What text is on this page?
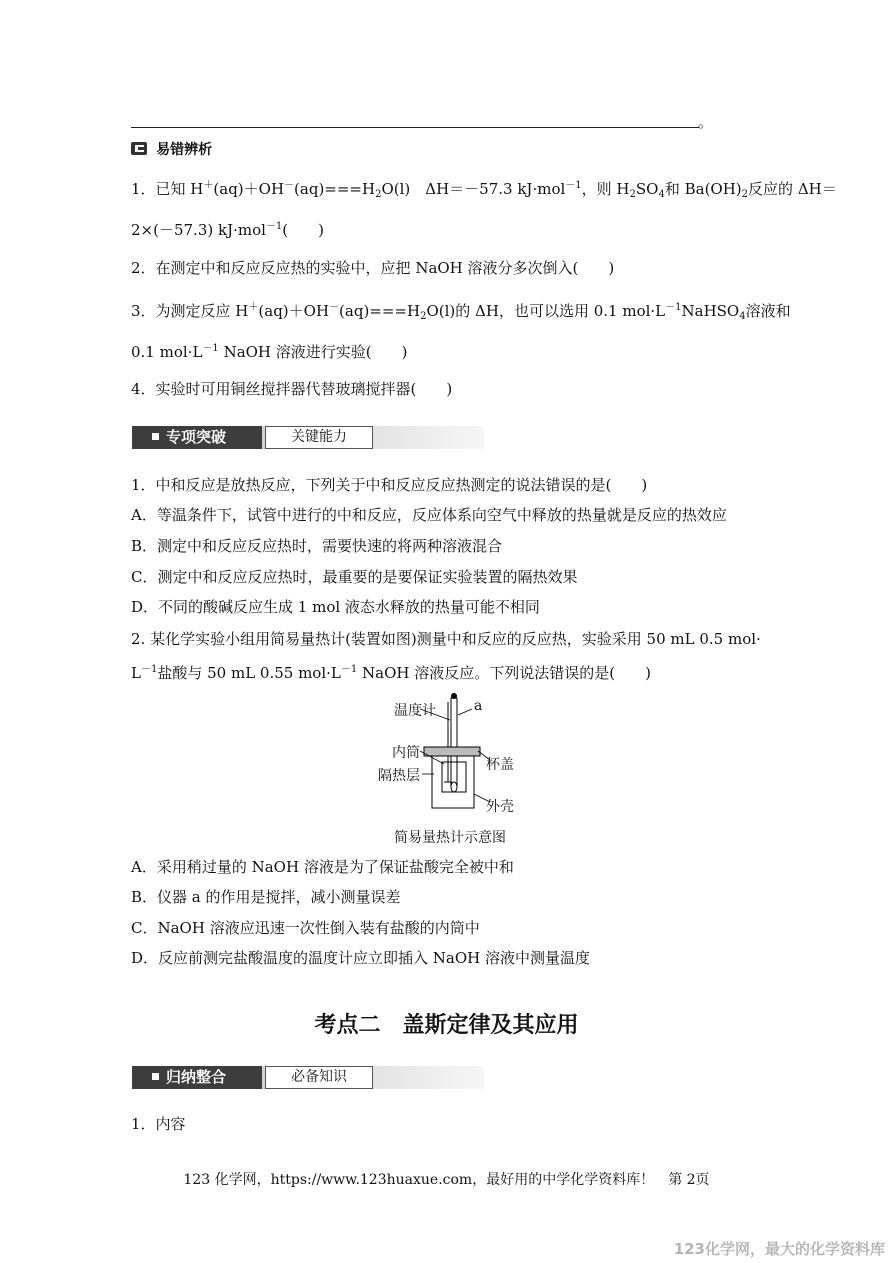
。
易错辨析
1．已知 $H^+(aq)+OH^-(aq)===H_2O(l)$　ΔH＝－57.3 kJ·mol$^{-1}$，则 $H_2SO_4$和 $Ba(OH)_2$反应的 ΔH＝
2×(－57.3) kJ·mol$^{-1}$(　　)
2．在测定中和反应反应热的实验中，应把 NaOH 溶液分多次倒入(　　)
3．为测定反应 $H^+(aq)+OH^-(aq)===H_2O(l)$的 ΔH，也可以选用 0.1 $mol\cdot L^{-1}NaHSO_4$溶液和
0.1 $mol\cdot L^{-1}$ NaOH 溶液进行实验(　　)
4．实验时可用铜丝搅拌器代替玻璃搅拌器(　　)
专项突破	关键能力
1．中和反应是放热反应，下列关于中和反应反应热测定的说法错误的是(　　)
A．等温条件下，试管中进行的中和反应，反应体系向空气中释放的热量就是反应的热效应
B．测定中和反应反应热时，需要快速的将两种溶液混合
C．测定中和反应反应热时，最重要的是要保证实验装置的隔热效果
D．不同的酸碱反应生成 1 mol 液态水释放的热量可能不相同
2. 某化学实验小组用简易量热计(装置如图)测量中和反应的反应热，实验采用 50 mL 0.5 mol·
$L^{-1}$盐酸与 50 mL 0.55 $mol\cdot L^{-1}$ NaOH 溶液反应。下列说法错误的是(　　)
温度计	a
内筒
杯盖
隔热层
外壳
简易量热计示意图
A．采用稍过量的 NaOH 溶液是为了保证盐酸完全被中和
B．仪器 a 的作用是搅拌，减小测量误差
C．NaOH 溶液应迅速一次性倒入装有盐酸的内筒中
D．反应前测完盐酸温度的温度计应立即插入 NaOH 溶液中测量温度
考点二　盖斯定律及其应用
归纳整合	必备知识
1．内容
123 化学网，https://www.123huaxue.com，最好用的中学化学资料库！　第 2页
123化学网，最大的化学资料库
